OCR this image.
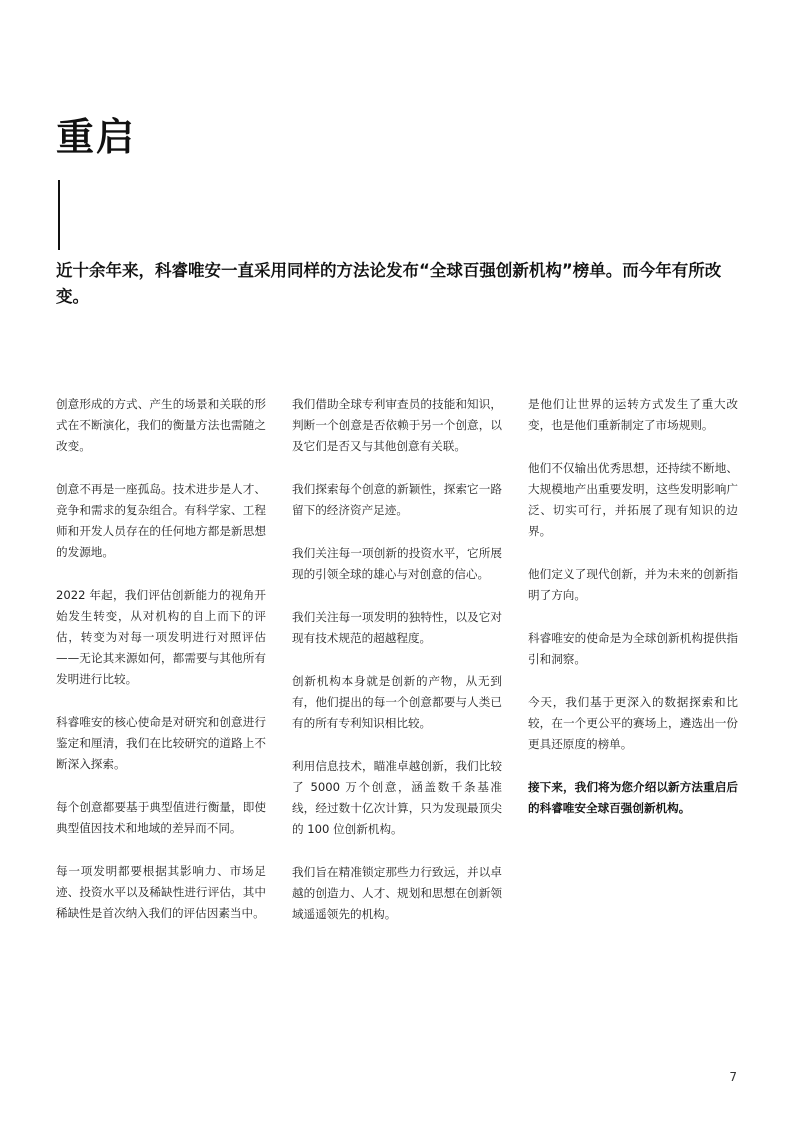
重启

近十余年来，科睿唯安一直采用同样的方法论发布“全球百强创新机构”榜单。而今年有所改变。

创意形成的方式、产生的场景和关联的形式在不断演化，我们的衡量方法也需随之改变。

创意不再是一座孤岛。技术进步是人才、竞争和需求的复杂组合。有科学家、工程师和开发人员存在的任何地方都是新思想的发源地。

2022 年起，我们评估创新能力的视角开始发生转变，从对机构的自上而下的评估，转变为对每一项发明进行对照评估——无论其来源如何，都需要与其他所有发明进行比较。

科睿唯安的核心使命是对研究和创意进行鉴定和厘清，我们在比较研究的道路上不断深入探索。

每个创意都要基于典型值进行衡量，即使典型值因技术和地域的差异而不同。

每一项发明都要根据其影响力、市场足迹、投资水平以及稀缺性进行评估，其中稀缺性是首次纳入我们的评估因素当中。

我们借助全球专利审查员的技能和知识，判断一个创意是否依赖于另一个创意，以及它们是否又与其他创意有关联。

我们探索每个创意的新颖性，探索它一路留下的经济资产足迹。

我们关注每一项创新的投资水平，它所展现的引领全球的雄心与对创意的信心。

我们关注每一项发明的独特性，以及它对现有技术规范的超越程度。

创新机构本身就是创新的产物，从无到有，他们提出的每一个创意都要与人类已有的所有专利知识相比较。

利用信息技术，瞄准卓越创新，我们比较了 5000 万个创意，涵盖数千条基准线，经过数十亿次计算，只为发现最顶尖的 100 位创新机构。

我们旨在精准锁定那些力行致远，并以卓越的创造力、人才、规划和思想在创新领域遥遥领先的机构。

是他们让世界的运转方式发生了重大改变，也是他们重新制定了市场规则。

他们不仅输出优秀思想，还持续不断地、大规模地产出重要发明，这些发明影响广泛、切实可行，并拓展了现有知识的边界。

他们定义了现代创新，并为未来的创新指明了方向。

科睿唯安的使命是为全球创新机构提供指引和洞察。

今天，我们基于更深入的数据探索和比较，在一个更公平的赛场上，遴选出一份更具还原度的榜单。

接下来，我们将为您介绍以新方法重启后的科睿唯安全球百强创新机构。

7
